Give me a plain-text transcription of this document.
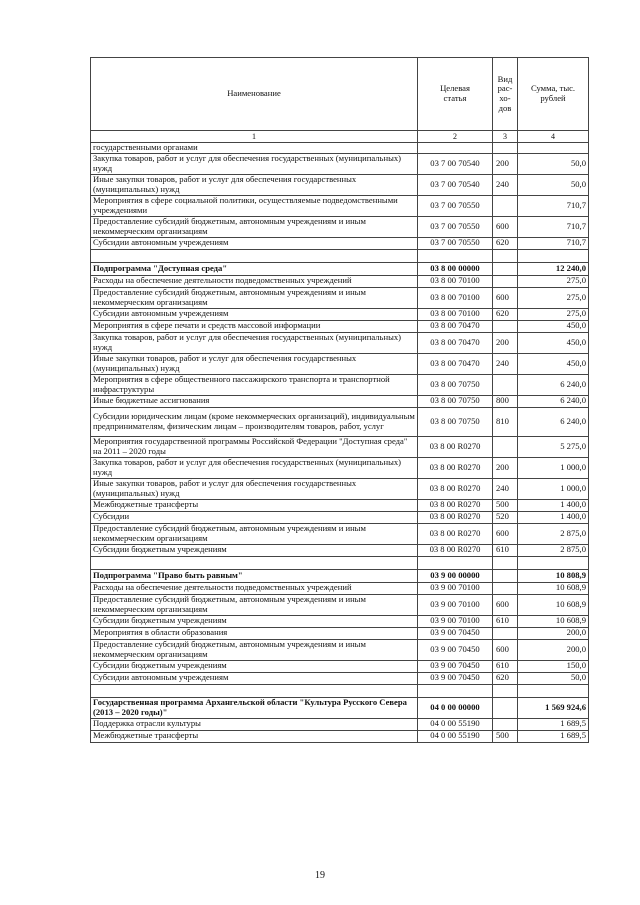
Наименование	Целевая статья	Вид рас-хо-дов	Сумма, тыс. рублей
1	2	3	4
государственными органами			
Закупка товаров, работ и услуг для обеспечения государственных (муниципальных) нужд	03 7 00 70540	200	50,0
Иные закупки товаров, работ и услуг для обеспечения государственных (муниципальных) нужд	03 7 00 70540	240	50,0
Мероприятия в сфере социальной политики, осуществляемые подведомственными учреждениями	03 7 00 70550		710,7
Предоставление субсидий бюджетным, автономным учреждениям и иным некоммерческим организациям	03 7 00 70550	600	710,7
Субсидии автономным учреждениям	03 7 00 70550	620	710,7

Подпрограмма "Доступная среда"	03 8 00 00000		12 240,0
Расходы на обеспечение деятельности подведомственных учреждений	03 8 00 70100		275,0
Предоставление субсидий бюджетным, автономным учреждениям и иным некоммерческим организациям	03 8 00 70100	600	275,0
Субсидии автономным учреждениям	03 8 00 70100	620	275,0
Мероприятия в сфере печати и средств массовой информации	03 8 00 70470		450,0
Закупка товаров, работ и услуг для обеспечения государственных (муниципальных) нужд	03 8 00 70470	200	450,0
Иные закупки товаров, работ и услуг для обеспечения государственных (муниципальных) нужд	03 8 00 70470	240	450,0
Мероприятия в сфере общественного пассажирского транспорта и транспортной инфраструктуры	03 8 00 70750		6 240,0
Иные бюджетные ассигнования	03 8 00 70750	800	6 240,0
Субсидии юридическим лицам (кроме некоммерческих организаций), индивидуальным предпринимателям, физическим лицам – производителям товаров, работ, услуг	03 8 00 70750	810	6 240,0
Мероприятия государственной программы Российской Федерации "Доступная среда" на 2011 – 2020 годы	03 8 00 R0270		5 275,0
Закупка товаров, работ и услуг для обеспечения государственных (муниципальных) нужд	03 8 00 R0270	200	1 000,0
Иные закупки товаров, работ и услуг для обеспечения государственных (муниципальных) нужд	03 8 00 R0270	240	1 000,0
Межбюджетные трансферты	03 8 00 R0270	500	1 400,0
Субсидии	03 8 00 R0270	520	1 400,0
Предоставление субсидий бюджетным, автономным учреждениям и иным некоммерческим организациям	03 8 00 R0270	600	2 875,0
Субсидии бюджетным учреждениям	03 8 00 R0270	610	2 875,0

Подпрограмма "Право быть равным"	03 9 00 00000		10 808,9
Расходы на обеспечение деятельности подведомственных учреждений	03 9 00 70100		10 608,9
Предоставление субсидий бюджетным, автономным учреждениям и иным некоммерческим организациям	03 9 00 70100	600	10 608,9
Субсидии бюджетным учреждениям	03 9 00 70100	610	10 608,9
Мероприятия в области образования	03 9 00 70450		200,0
Предоставление субсидий бюджетным, автономным учреждениям и иным некоммерческим организациям	03 9 00 70450	600	200,0
Субсидии бюджетным учреждениям	03 9 00 70450	610	150,0
Субсидии автономным учреждениям	03 9 00 70450	620	50,0

Государственная программа Архангельской области "Культура Русского Севера (2013 – 2020 годы)"	04 0 00 00000		1 569 924,6
Поддержка отрасли культуры	04 0 00 55190		1 689,5
Межбюджетные трансферты	04 0 00 55190	500	1 689,5
19
